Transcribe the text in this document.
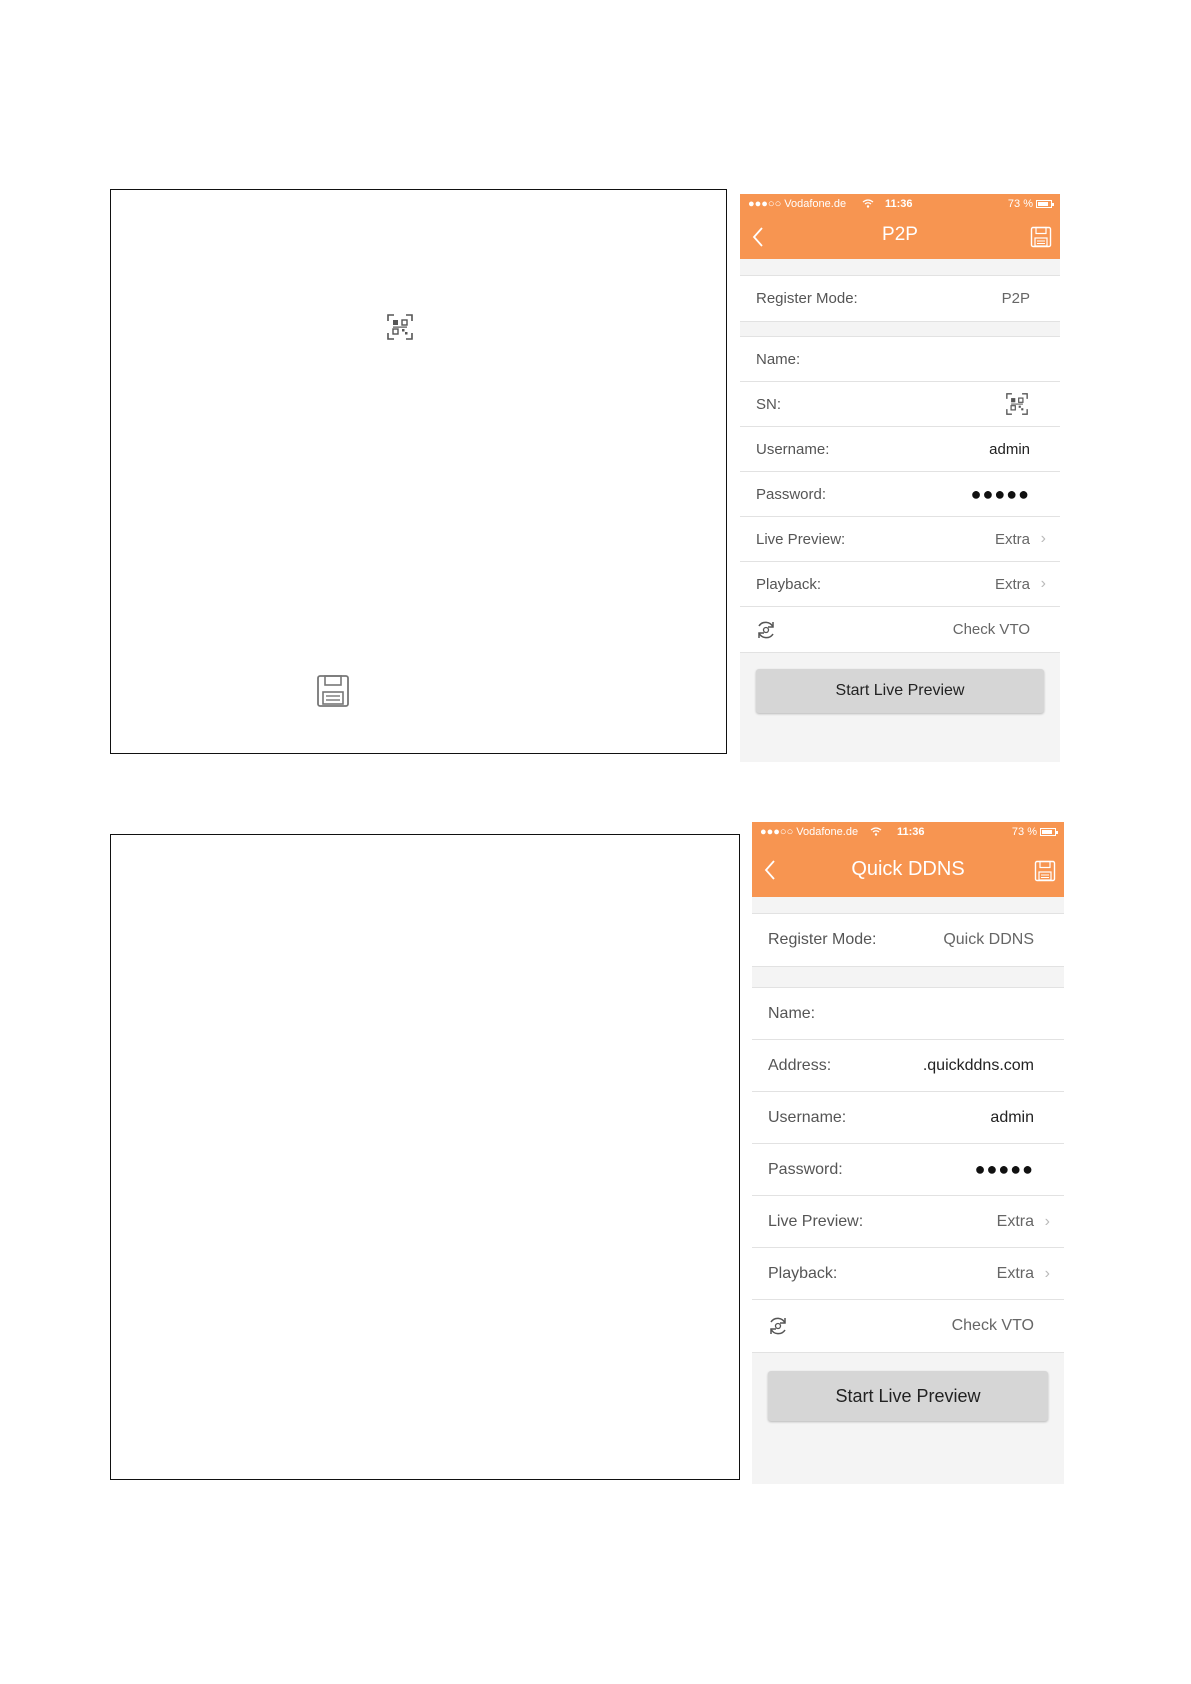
●●●○○ Vodafone.de	11:36	73 %
P2P
Register Mode:	P2P
Name:
SN:
Username:	admin
Password:	●●●●●
Live Preview:	Extra ›
Playback:	Extra ›
Check VTO
Start Live Preview
●●●○○ Vodafone.de	11:36	73 %
Quick DDNS
Register Mode:	Quick DDNS
Name:
Address:	.quickddns.com
Username:	admin
Password:	●●●●●
Live Preview:	Extra ›
Playback:	Extra ›
Check VTO
Start Live Preview
